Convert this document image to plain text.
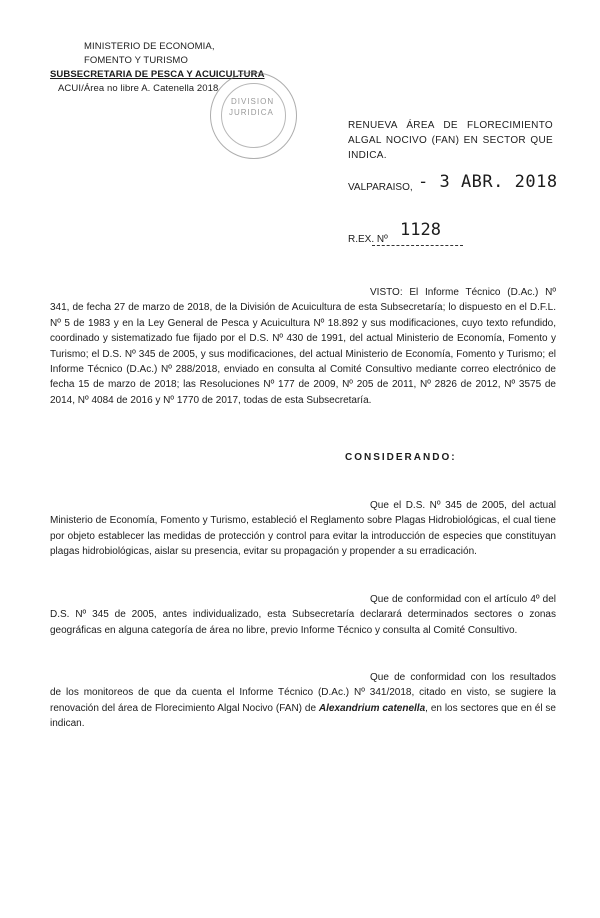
MINISTERIO DE ECONOMIA,
FOMENTO Y TURISMO
SUBSECRETARIA DE PESCA Y ACUICULTURA
ACUI/Área no libre A. Catenella 2018
DIVISION
JURIDICA
RENUEVA ÁREA DE FLORECIMIENTO ALGAL NOCIVO (FAN) EN SECTOR QUE INDICA.
VALPARAISO, - 3 ABR. 2018
R.EX. Nº 1128
VISTO: El Informe Técnico (D.Ac.) Nº 341, de fecha 27 de marzo de 2018, de la División de Acuicultura de esta Subsecretaría; lo dispuesto en el D.F.L. Nº 5 de 1983 y en la Ley General de Pesca y Acuicultura Nº 18.892 y sus modificaciones, cuyo texto refundido, coordinado y sistematizado fue fijado por el D.S. Nº 430 de 1991, del actual Ministerio de Economía, Fomento y Turismo; el D.S. Nº 345 de 2005, y sus modificaciones, del actual Ministerio de Economía, Fomento y Turismo; el Informe Técnico (D.Ac.) Nº 288/2018, enviado en consulta al Comité Consultivo mediante correo electrónico de fecha 15 de marzo de 2018; las Resoluciones Nº 177 de 2009, Nº 205 de 2011, Nº 2826 de 2012, Nº 3575 de 2014, Nº 4084 de 2016 y Nº 1770 de 2017, todas de esta Subsecretaría.
CONSIDERANDO:
Que el D.S. Nº 345 de 2005, del actual Ministerio de Economía, Fomento y Turismo, estableció el Reglamento sobre Plagas Hidrobiológicas, el cual tiene por objeto establecer las medidas de protección y control para evitar la introducción de especies que constituyan plagas hidrobiológicas, aislar su presencia, evitar su propagación y propender a su erradicación.
Que de conformidad con el artículo 4º del D.S. Nº 345 de 2005, antes individualizado, esta Subsecretaría declarará determinados sectores o zonas geográficas en alguna categoría de área no libre, previo Informe Técnico y consulta al Comité Consultivo.
Que de conformidad con los resultados de los monitoreos de que da cuenta el Informe Técnico (D.Ac.) Nº 341/2018, citado en visto, se sugiere la renovación del área de Florecimiento Algal Nocivo (FAN) de Alexandrium catenella, en los sectores que en él se indican.
